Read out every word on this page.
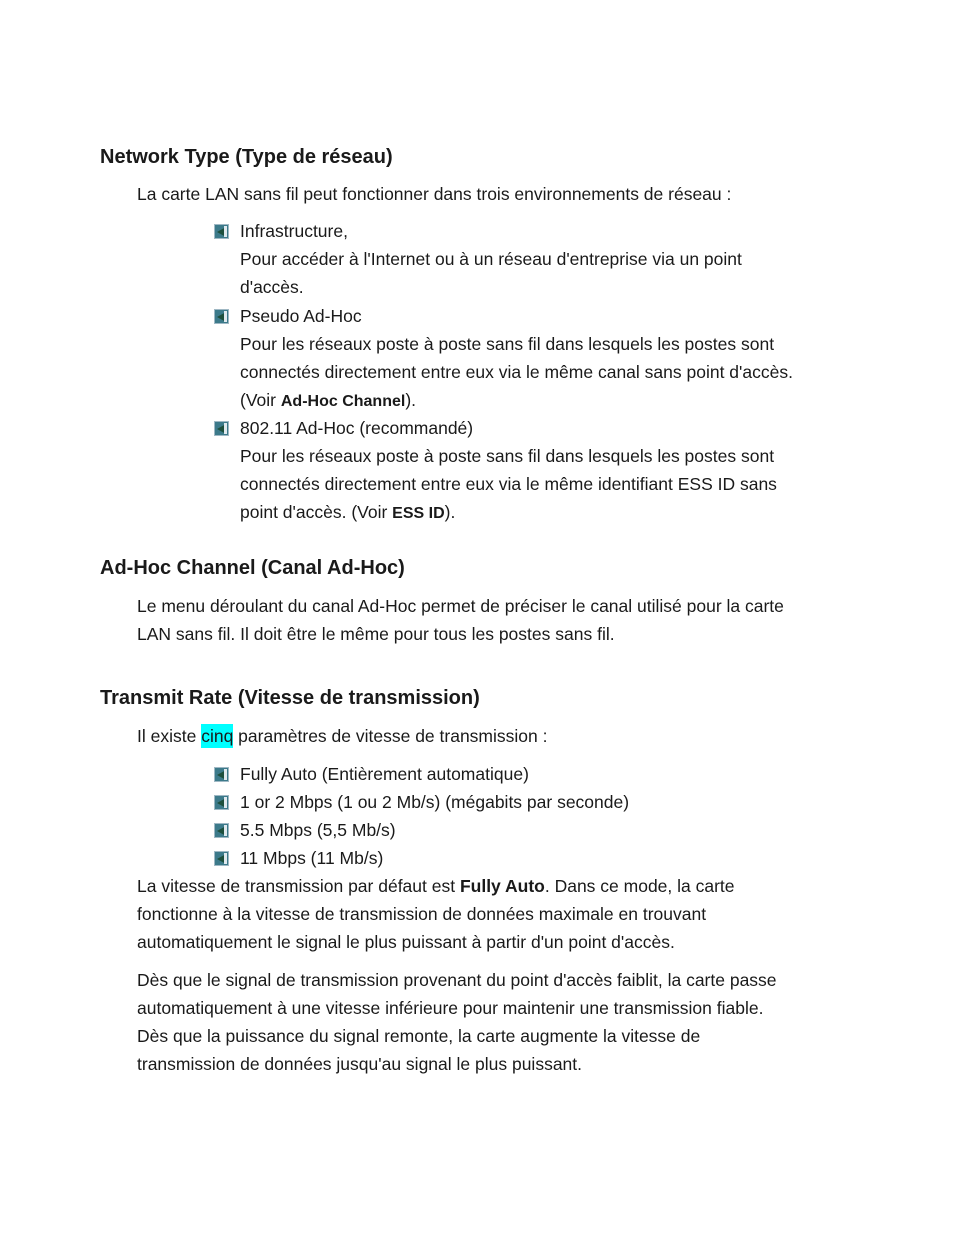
Network Type (Type de réseau)
La carte LAN sans fil peut fonctionner dans trois environnements de réseau :
Infrastructure,
Pour accéder à l'Internet ou à un réseau d'entreprise via un point
d'accès.
Pseudo Ad-Hoc
Pour les réseaux poste à poste sans fil dans lesquels les postes sont
connectés directement entre eux via le même canal sans point d'accès.
(Voir Ad-Hoc Channel).
802.11 Ad-Hoc (recommandé)
Pour les réseaux poste à poste sans fil dans lesquels les postes sont
connectés directement entre eux via le même identifiant ESS ID sans
point d'accès. (Voir ESS ID).
Ad-Hoc Channel (Canal Ad-Hoc)
Le menu déroulant du canal Ad-Hoc permet de préciser le canal utilisé pour la carte
LAN sans fil. Il doit être le même pour tous les postes sans fil.
Transmit Rate (Vitesse de transmission)
Il existe cinq paramètres de vitesse de transmission :
Fully Auto (Entièrement automatique)
1 or 2 Mbps (1 ou 2 Mb/s) (mégabits par seconde)
5.5 Mbps (5,5 Mb/s)
11 Mbps (11 Mb/s)
La vitesse de transmission par défaut est Fully Auto. Dans ce mode, la carte
fonctionne à la vitesse de transmission de données maximale en trouvant
automatiquement le signal le plus puissant à partir d'un point d'accès.
Dès que le signal de transmission provenant du point d'accès faiblit, la carte passe
automatiquement à une vitesse inférieure pour maintenir une transmission fiable.
Dès que la puissance du signal remonte, la carte augmente la vitesse de
transmission de données jusqu'au signal le plus puissant.
